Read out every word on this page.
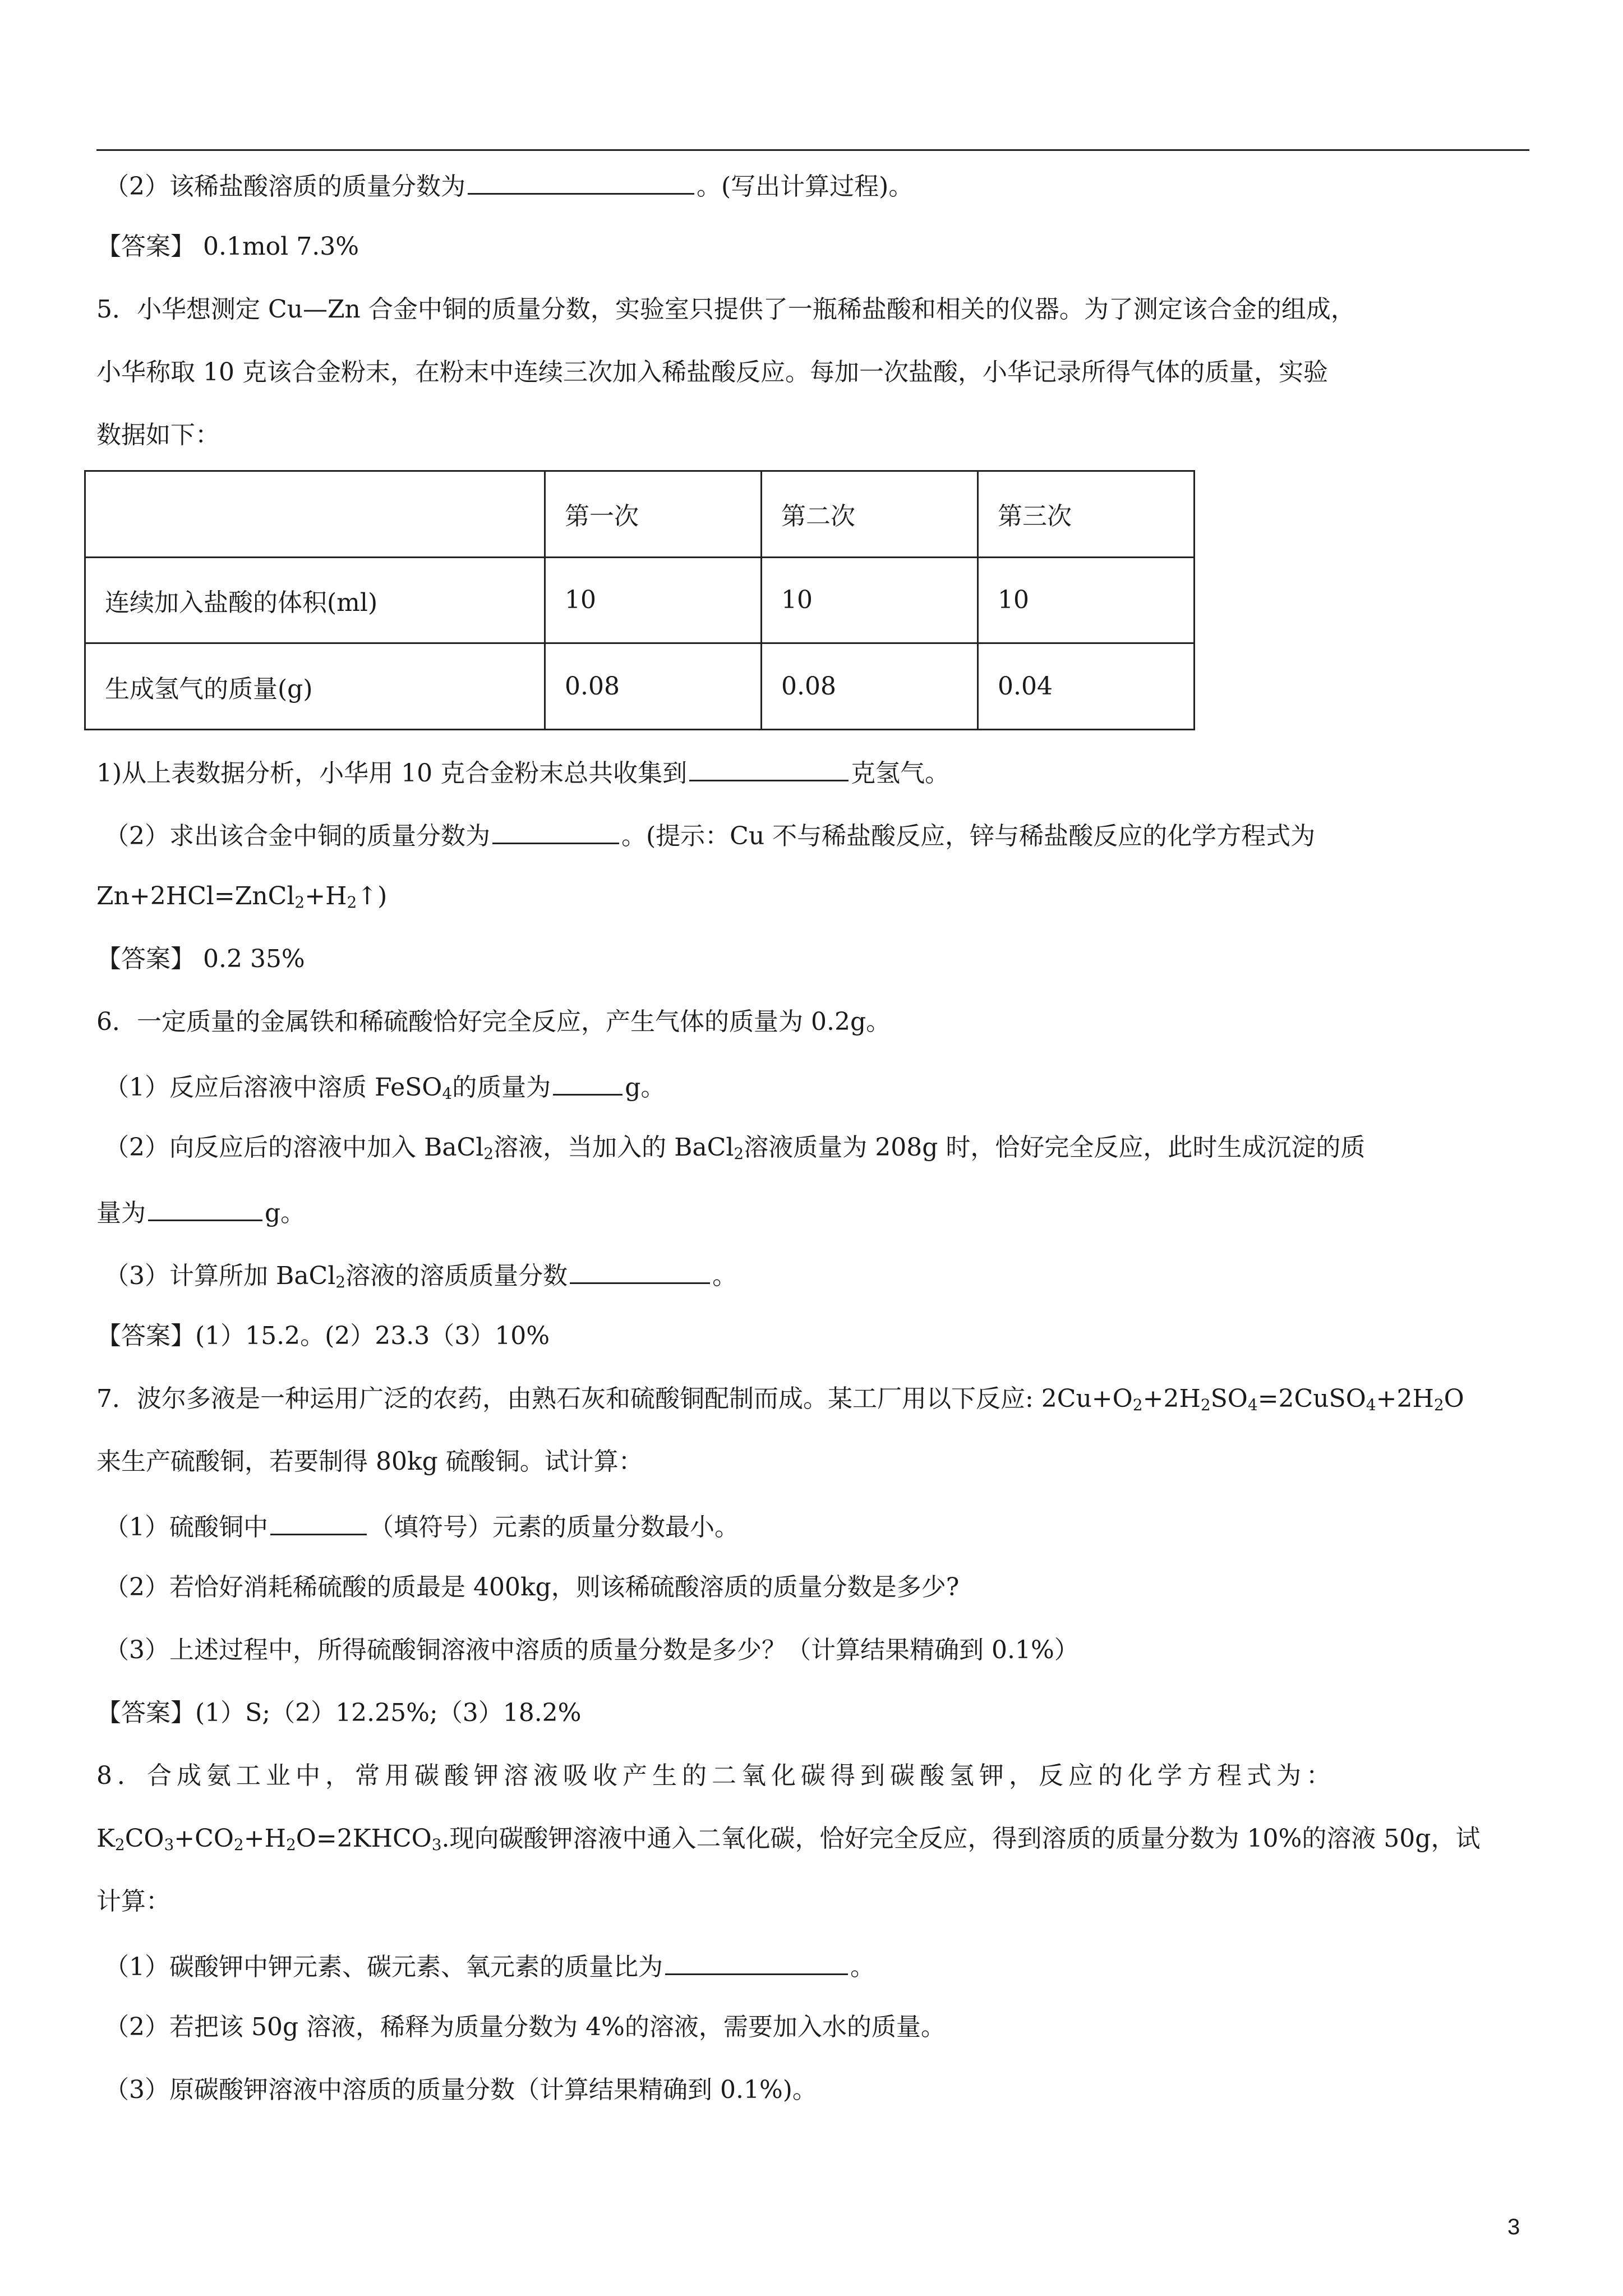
（2）该稀盐酸溶质的质量分数为	。(写出计算过程)。
【答案】 0.1mol 7.3%
5．小华想测定 Cu—Zn 合金中铜的质量分数，实验室只提供了一瓶稀盐酸和相关的仪器。为了测定该合金的组成，
小华称取 10 克该合金粉末，在粉末中连续三次加入稀盐酸反应。每加一次盐酸，小华记录所得气体的质量，实验
数据如下：
	第一次	第二次	第三次
连续加入盐酸的体积(ml)	10	10	10
生成氢气的质量(g)	0.08	0.08	0.04
1)从上表数据分析，小华用 10 克合金粉末总共收集到	克氢气。
（2）求出该合金中铜的质量分数为	。(提示：Cu 不与稀盐酸反应，锌与稀盐酸反应的化学方程式为
$Zn+2HCl=ZnCl_2+H_2↑$)
【答案】 0.2 35%
6．一定质量的金属铁和稀硫酸恰好完全反应，产生气体的质量为 0.2g。
（1）反应后溶液中溶质 FeSO$_4$的质量为	g。
（2）向反应后的溶液中加入 BaCl$_2$溶液，当加入的 BaCl$_2$溶液质量为 208g 时，恰好完全反应，此时生成沉淀的质
量为	g。
（3）计算所加 BaCl$_2$溶液的溶质质量分数	。
【答案】(1）15.2。(2）23.3（3）10%
7．波尔多液是一种运用广泛的农药，由熟石灰和硫酸铜配制而成。某工厂用以下反应: $2Cu+O_2+2H_2SO_4=2CuSO_4+2H_2O$
来生产硫酸铜，若要制得 80kg 硫酸铜。试计算：
（1）硫酸铜中	（填符号）元素的质量分数最小。
（2）若恰好消耗稀硫酸的质最是 400kg，则该稀硫酸溶质的质量分数是多少?
（3）上述过程中，所得硫酸铜溶液中溶质的质量分数是多少？（计算结果精确到 0.1%）
【答案】(1）S;（2）12.25%;（3）18.2%
8．合成氨工业中，常用碳酸钾溶液吸收产生的二氧化碳得到碳酸氢钾，反应的化学方程式为：
$K_2CO_3+CO_2+H_2O=2KHCO_3$.现向碳酸钾溶液中通入二氧化碳，恰好完全反应，得到溶质的质量分数为 10%的溶液 50g，试
计算：
（1）碳酸钾中钾元素、碳元素、氧元素的质量比为	。
（2）若把该 50g 溶液，稀释为质量分数为 4%的溶液，需要加入水的质量。
（3）原碳酸钾溶液中溶质的质量分数（计算结果精确到 0.1%)。
3
